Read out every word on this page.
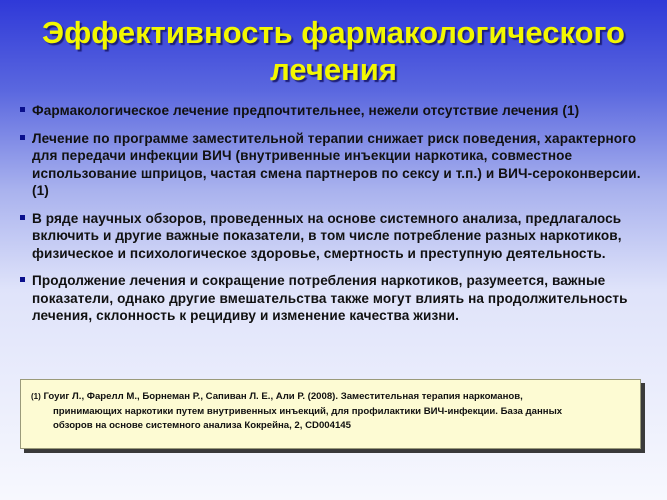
Эффективность фармакологического
лечения
Фармакологическое лечение предпочтительнее, нежели отсутствие лечения (1)
Лечение по программе заместительной терапии снижает риск поведения, характерного для передачи инфекции ВИЧ (внутривенные инъекции наркотика, совместное использование шприцов, частая смена партнеров по сексу и т.п.) и ВИЧ-сероконверсии. (1)
В ряде научных обзоров, проведенных на основе системного анализа, предлагалось включить и другие важные показатели, в том числе потребление разных наркотиков, физическое и психологическое здоровье, смертность и преступную деятельность.
Продолжение лечения и сокращение потребления наркотиков, разумеется, важные показатели, однако другие вмешательства также могут влиять на продолжительность лечения, склонность к рецидиву и изменение качества жизни.
(1) Гоуиг Л., Фарелл М., Борнеман Р., Сапиван Л. Е., Али Р. (2008). Заместительная терапия наркоманов,
принимающих наркотики путем внутривенных инъекций, для профилактики ВИЧ-инфекции. База данных
обзоров на основе системного анализа Кокрейна, 2, CD004145
